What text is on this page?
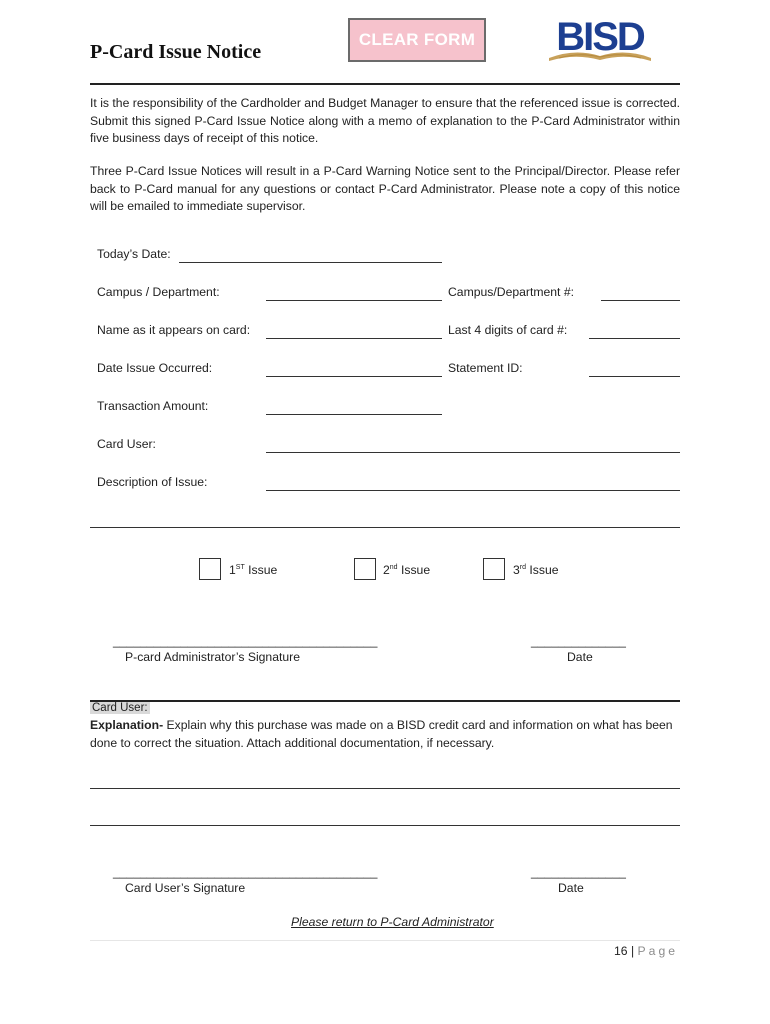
P-Card Issue Notice
CLEAR FORM BISD
It is the responsibility of the Cardholder and Budget Manager to ensure that the referenced issue is corrected. Submit this signed P-Card Issue Notice along with a memo of explanation to the P-Card Administrator within five business days of receipt of this notice.
Three P-Card Issue Notices will result in a P-Card Warning Notice sent to the Principal/Director. Please refer back to P-Card manual for any questions or contact P-Card Administrator. Please note a copy of this notice will be emailed to immediate supervisor.
Today’s Date:
Campus / Department:	Campus/Department #:
Name as it appears on card:	Last 4 digits of card #:
Date Issue Occurred:	Statement ID:
Transaction Amount:
Card User:
Description of Issue:
1ST Issue	2nd Issue	3rd Issue
_______________________________________
P-card Administrator’s Signature
______________
Date
Card User:
Explanation- Explain why this purchase was made on a BISD credit card and information on what has been done to correct the situation. Attach additional documentation, if necessary.
_______________________________________
Card User’s Signature
______________
Date
Please return to P-Card Administrator
16 | Page
